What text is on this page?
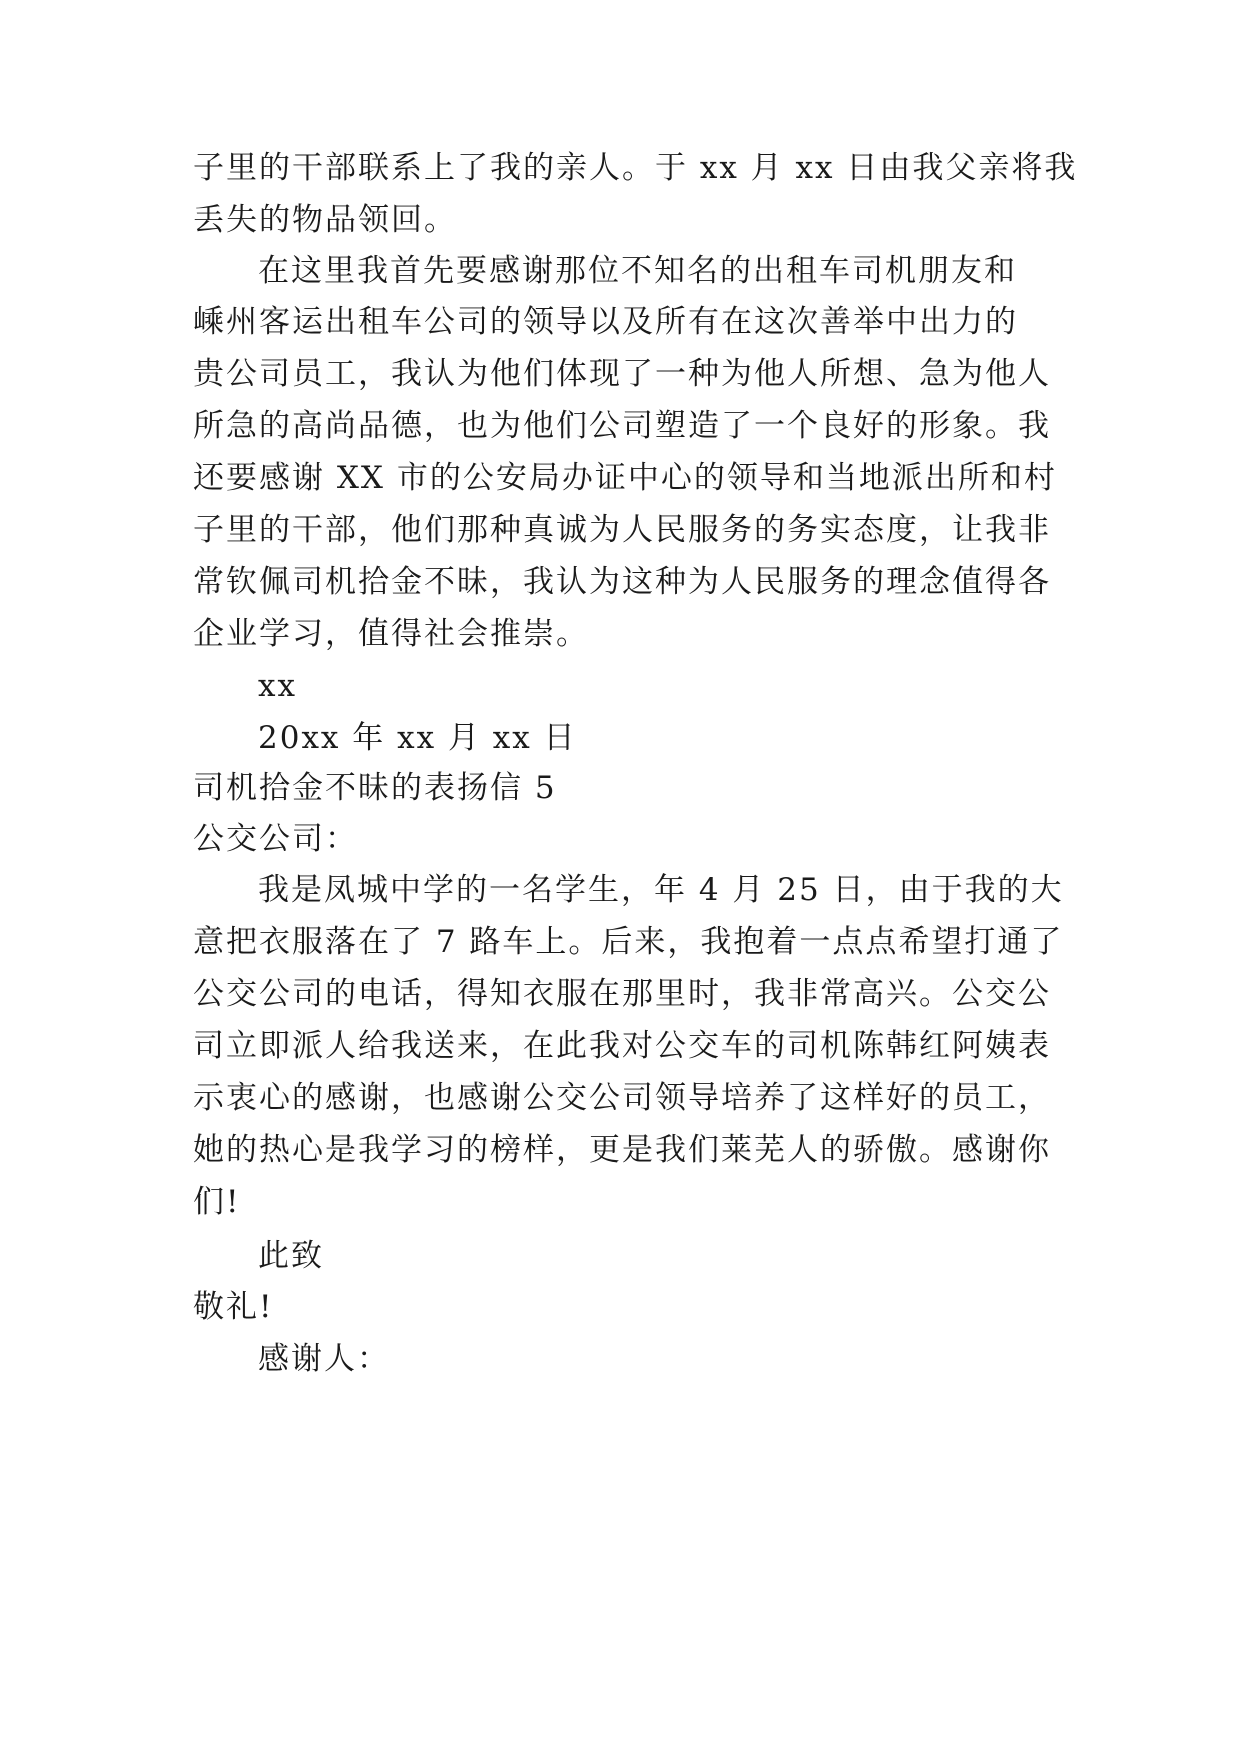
子里的干部联系上了我的亲人。于 xx 月 xx 日由我父亲将我
丢失的物品领回。
在这里我首先要感谢那位不知名的出租车司机朋友和
嵊州客运出租车公司的领导以及所有在这次善举中出力的
贵公司员工，我认为他们体现了一种为他人所想、急为他人
所急的高尚品德，也为他们公司塑造了一个良好的形象。我
还要感谢 XX 市的公安局办证中心的领导和当地派出所和村
子里的干部，他们那种真诚为人民服务的务实态度，让我非
常钦佩司机拾金不昧，我认为这种为人民服务的理念值得各
企业学习，值得社会推崇。
xx
20xx 年 xx 月 xx 日
司机拾金不昧的表扬信 5
公交公司：
我是凤城中学的一名学生，年 4 月 25 日，由于我的大
意把衣服落在了 7 路车上。后来，我抱着一点点希望打通了
公交公司的电话，得知衣服在那里时，我非常高兴。公交公
司立即派人给我送来，在此我对公交车的司机陈韩红阿姨表
示衷心的感谢，也感谢公交公司领导培养了这样好的员工，
她的热心是我学习的榜样，更是我们莱芜人的骄傲。感谢你
们!
此致
敬礼!
感谢人：
